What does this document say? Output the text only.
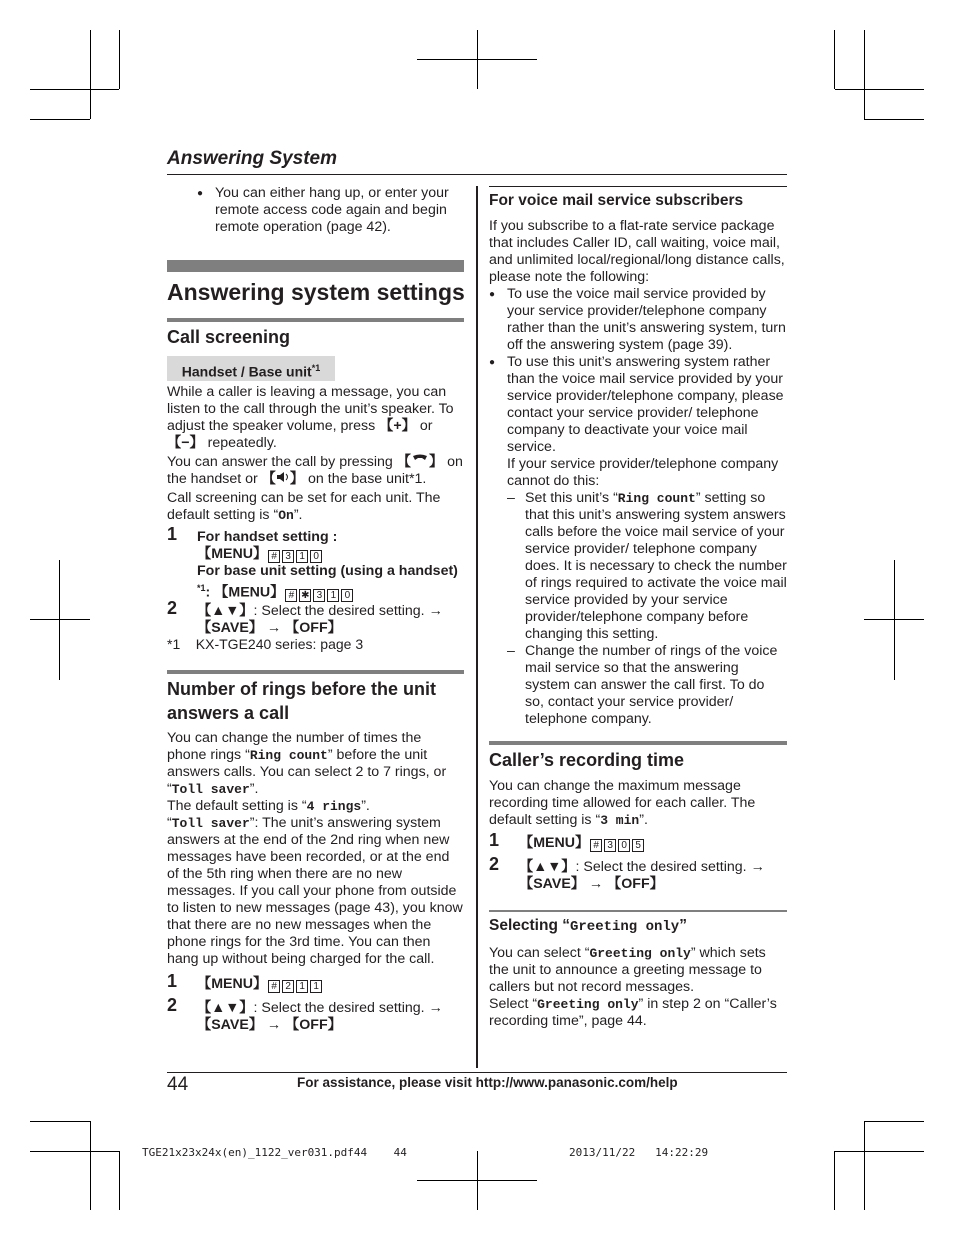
Answering System
● You can either hang up, or enter your remote access code again and begin remote operation (page 42).
Answering system settings
Call screening
Handset / Base unit$^{*1}$

While a caller is leaving a message, you can listen to the call through the unit’s speaker. To adjust the speaker volume, press 【+】 or
【−】 repeatedly.

You can answer the call by pressing 【 】 on the handset or 【 】 on the base unit*1.

Call screening can be set for each unit. The default setting is “On”.

1 For handset setting :
【MENU】 # 3 1 0
For base unit setting (using a handset)
$^{*1}$: 【MENU】 # ✱ 3 1 0
2 【▲▼】: Select the desired setting. →
【SAVE】 → 【OFF】
*1 KX-TGE240 series: page 3
Number of rings before the unit answers a call

You can change the number of times the phone rings “Ring count” before the unit answers calls. You can select 2 to 7 rings, or “Toll saver”.

The default setting is “4 rings”.

“Toll saver”: The unit’s answering system answers at the end of the 2nd ring when new messages have been recorded, or at the end of the 5th ring when there are no new messages. If you call your phone from outside to listen to new messages (page 43), you know that there are no new messages when the phone rings for the 3rd time. You can then hang up without being charged for the call.

1 【MENU】 # 2 1 1
2 【▲▼】: Select the desired setting. →
【SAVE】 → 【OFF】
For voice mail service subscribers

If you subscribe to a flat-rate service package that includes Caller ID, call waiting, voice mail, and unlimited local/regional/long distance calls, please note the following:

● To use the voice mail service provided by your service provider/telephone company rather than the unit’s answering system, turn off the answering system (page 39).
● To use this unit’s answering system rather than the voice mail service provided by your service provider/telephone company, please contact your service provider/ telephone company to deactivate your voice mail service.
If your service provider/telephone company cannot do this:
– Set this unit’s “Ring count” setting so that this unit’s answering system answers calls before the voice mail service of your service provider/ telephone company does. It is necessary to check the number of rings required to activate the voice mail service provided by your service provider/telephone company before changing this setting.
– Change the number of rings of the voice mail service so that the answering system can answer the call first. To do so, contact your service provider/ telephone company.
Caller’s recording time

You can change the maximum message recording time allowed for each caller. The default setting is “3 min”.

1 【MENU】 # 3 0 5
2 【▲▼】: Select the desired setting. →
【SAVE】 → 【OFF】
Selecting “Greeting only”

You can select “Greeting only” which sets the unit to announce a greeting message to callers but not record messages.

Select “Greeting only” in step 2 on “Caller’s recording time”, page 44.

44	For assistance, please visit http://www.panasonic.com/help
TGE21x23x24x(en)_1122_ver031.pdf44 44	2013/11/22 14:22:29
